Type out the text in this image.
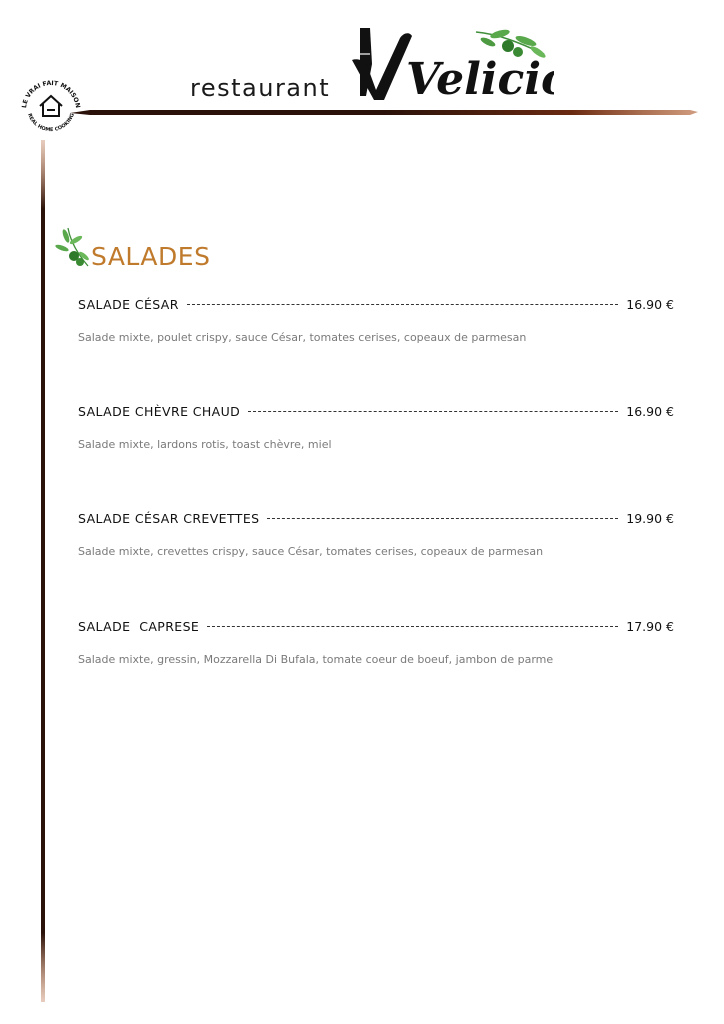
restaurant Velicio
LE VRAI FAIT MAISON
REAL HOME COOKING
SALADES
SALADE CÉSAR	16.90 €
Salade mixte, poulet crispy, sauce César, tomates cerises, copeaux de parmesan
SALADE CHÈVRE CHAUD	16.90 €
Salade mixte, lardons rotis, toast chèvre, miel
SALADE CÉSAR CREVETTES	19.90 €
Salade mixte, crevettes crispy, sauce César, tomates cerises, copeaux de parmesan
SALADE  CAPRESE	17.90 €
Salade mixte, gressin, Mozzarella Di Bufala, tomate coeur de boeuf, jambon de parme
